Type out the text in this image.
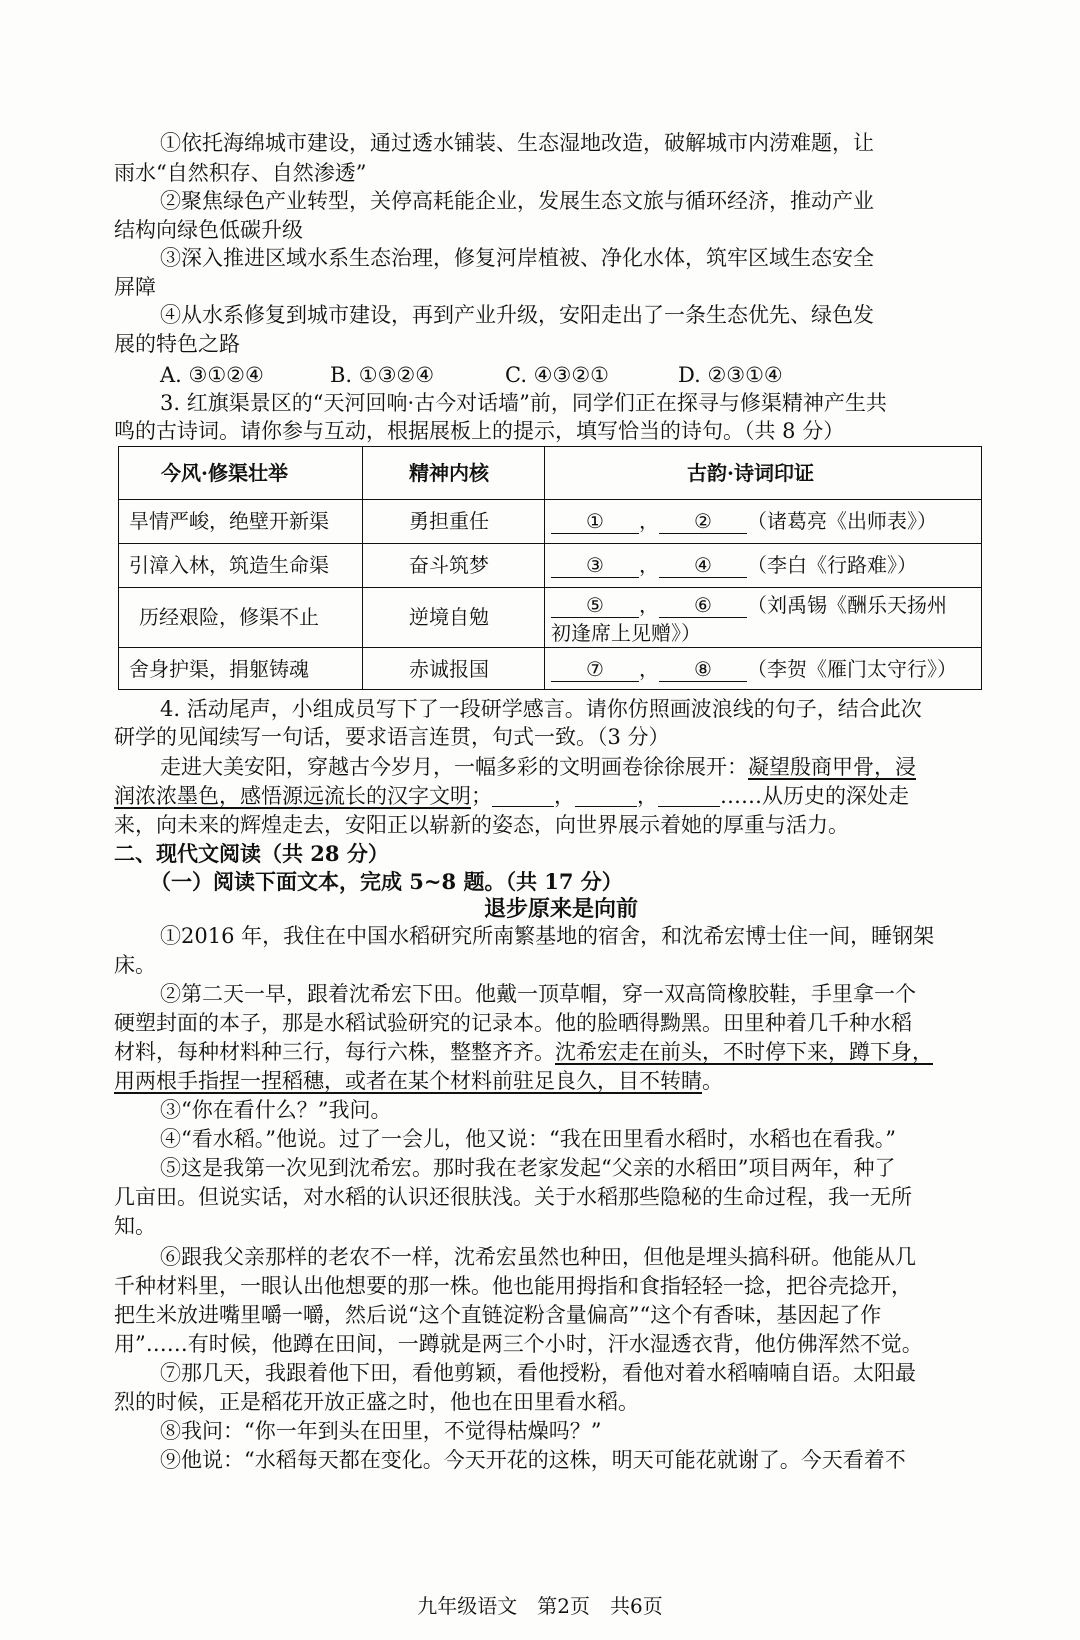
①依托海绵城市建设，通过透水铺装、生态湿地改造，破解城市内涝难题，让
雨水“自然积存、自然渗透”
②聚焦绿色产业转型，关停高耗能企业，发展生态文旅与循环经济，推动产业
结构向绿色低碳升级
③深入推进区域水系生态治理，修复河岸植被、净化水体，筑牢区域生态安全
屏障
④从水系修复到城市建设，再到产业升级，安阳走出了一条生态优先、绿色发
展的特色之路
A. ③①②④	B. ①③②④	C. ④③②①	D. ②③①④
3. 红旗渠景区的“天河回响·古今对话墙”前，同学们正在探寻与修渠精神产生共
鸣的古诗词。请你参与互动，根据展板上的提示，填写恰当的诗句。（共 8 分）
今风·修渠壮举	精神内核	古韵·诗词印证
旱情严峻，绝壁开新渠	勇担重任	① ， ② （诸葛亮《出师表》）
引漳入林，筑造生命渠	奋斗筑梦	③ ， ④ （李白《行路难》）
历经艰险，修渠不止	逆境自勉	⑤ ， ⑥ （刘禹锡《酬乐天扬州
初逢席上见赠》）
舍身护渠，捐躯铸魂	赤诚报国	⑦ ， ⑧ （李贺《雁门太守行》）
4. 活动尾声，小组成员写下了一段研学感言。请你仿照画波浪线的句子，结合此次
研学的见闻续写一句话，要求语言连贯，句式一致。（3 分）
走进大美安阳，穿越古今岁月，一幅多彩的文明画卷徐徐展开：凝望殷商甲骨，浸
润浓浓墨色，感悟源远流长的汉字文明；	，	，	……从历史的深处走
来，向未来的辉煌走去，安阳正以崭新的姿态，向世界展示着她的厚重与活力。
二、现代文阅读（共 28 分）
（一）阅读下面文本，完成 5~8 题。（共 17 分）
退步原来是向前
①2016 年，我住在中国水稻研究所南繁基地的宿舍，和沈希宏博士住一间，睡钢架
床。
②第二天一早，跟着沈希宏下田。他戴一顶草帽，穿一双高筒橡胶鞋，手里拿一个
硬塑封面的本子，那是水稻试验研究的记录本。他的脸晒得黝黑。田里种着几千种水稻
材料，每种材料种三行，每行六株，整整齐齐。沈希宏走在前头，不时停下来，蹲下身，
用两根手指捏一捏稻穗，或者在某个材料前驻足良久，目不转睛。
③“你在看什么？”我问。
④“看水稻。”他说。过了一会儿，他又说：“我在田里看水稻时，水稻也在看我。”
⑤这是我第一次见到沈希宏。那时我在老家发起“父亲的水稻田”项目两年，种了
几亩田。但说实话，对水稻的认识还很肤浅。关于水稻那些隐秘的生命过程，我一无所
知。
⑥跟我父亲那样的老农不一样，沈希宏虽然也种田，但他是埋头搞科研。他能从几
千种材料里，一眼认出他想要的那一株。他也能用拇指和食指轻轻一捻，把谷壳捻开，
把生米放进嘴里嚼一嚼，然后说“这个直链淀粉含量偏高”“这个有香味，基因起了作
用”……有时候，他蹲在田间，一蹲就是两三个小时，汗水湿透衣背，他仿佛浑然不觉。
⑦那几天，我跟着他下田，看他剪颖，看他授粉，看他对着水稻喃喃自语。太阳最
烈的时候，正是稻花开放正盛之时，他也在田里看水稻。
⑧我问：“你一年到头在田里，不觉得枯燥吗？”
⑨他说：“水稻每天都在变化。今天开花的这株，明天可能花就谢了。今天看着不
九年级语文　第2页　共6页
